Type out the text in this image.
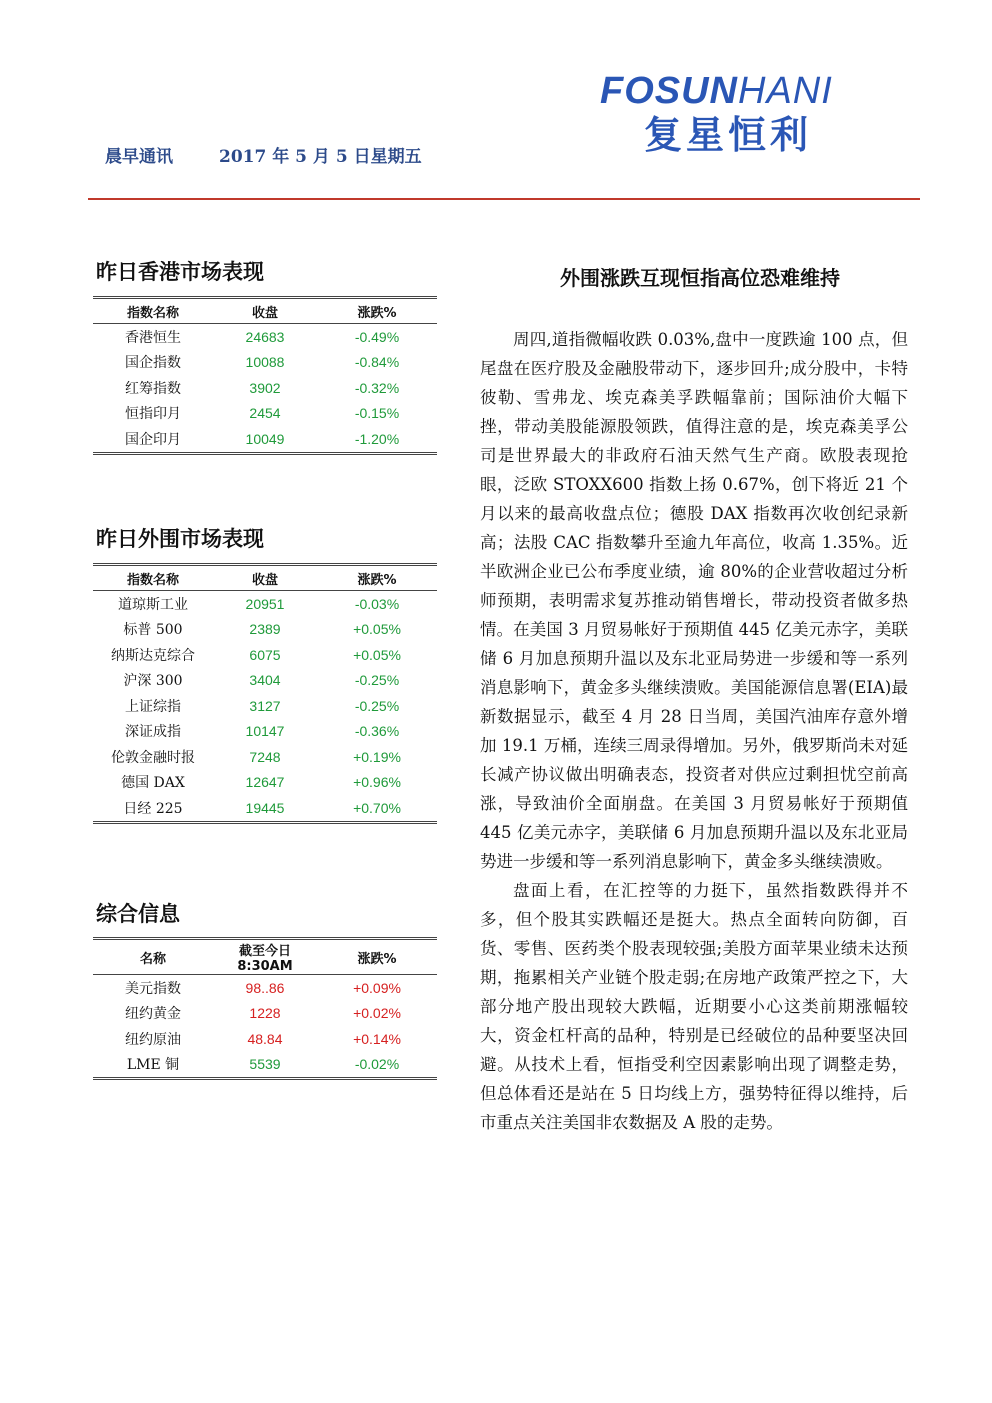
晨早通讯	2017 年 5 月 5 日星期五
FOSUNHANI
复星恒利
昨日香港市场表现
指数名称	收盘	涨跌%
香港恒生	24683	-0.49%
国企指数	10088	-0.84%
红筹指数	3902	-0.32%
恒指印月	2454	-0.15%
国企印月	10049	-1.20%
昨日外围市场表现
指数名称	收盘	涨跌%
道琼斯工业	20951	-0.03%
标普 500	2389	+0.05%
纳斯达克综合	6075	+0.05%
沪深 300	3404	-0.25%
上证综指	3127	-0.25%
深证成指	10147	-0.36%
伦敦金融时报	7248	+0.19%
德国 DAX	12647	+0.96%
日经 225	19445	+0.70%
综合信息
名称	截至今日 8:30AM	涨跌%
美元指数	98..86	+0.09%
纽约黄金	1228	+0.02%
纽约原油	48.84	+0.14%
LME 铜	5539	-0.02%
外围涨跌互现恒指高位恐难维持

周四,道指微幅收跌 0.03%,盘中一度跌逾 100 点，但尾盘在医疗股及金融股带动下，逐步回升;成分股中，卡特彼勒、雪弗龙、埃克森美孚跌幅靠前；国际油价大幅下挫，带动美股能源股领跌，值得注意的是，埃克森美孚公司是世界最大的非政府石油天然气生产商。欧股表现抢眼，泛欧 STOXX600 指数上扬 0.67%，创下将近 21 个月以来的最高收盘点位；德股 DAX 指数再次收创纪录新高；法股 CAC 指数攀升至逾九年高位，收高 1.35%。近半欧洲企业已公布季度业绩，逾 80%的企业营收超过分析师预期，表明需求复苏推动销售增长，带动投资者做多热情。在美国 3 月贸易帐好于预期值 445 亿美元赤字，美联储 6 月加息预期升温以及东北亚局势进一步缓和等一系列消息影响下，黄金多头继续溃败。美国能源信息署(EIA)最新数据显示，截至 4 月 28 日当周，美国汽油库存意外增加 19.1 万桶，连续三周录得增加。另外，俄罗斯尚未对延长减产协议做出明确表态，投资者对供应过剩担忧空前高涨，导致油价全面崩盘。在美国 3 月贸易帐好于预期值 445 亿美元赤字，美联储 6 月加息预期升温以及东北亚局势进一步缓和等一系列消息影响下，黄金多头继续溃败。

盘面上看，在汇控等的力挺下，虽然指数跌得并不多，但个股其实跌幅还是挺大。热点全面转向防御，百货、零售、医药类个股表现较强;美股方面苹果业绩未达预期，拖累相关产业链个股走弱;在房地产政策严控之下，大部分地产股出现较大跌幅，近期要小心这类前期涨幅较大，资金杠杆高的品种，特别是已经破位的品种要坚决回避。从技术上看，恒指受利空因素影响出现了调整走势，但总体看还是站在 5 日均线上方，强势特征得以维持，后市重点关注美国非农数据及 A 股的走势。
